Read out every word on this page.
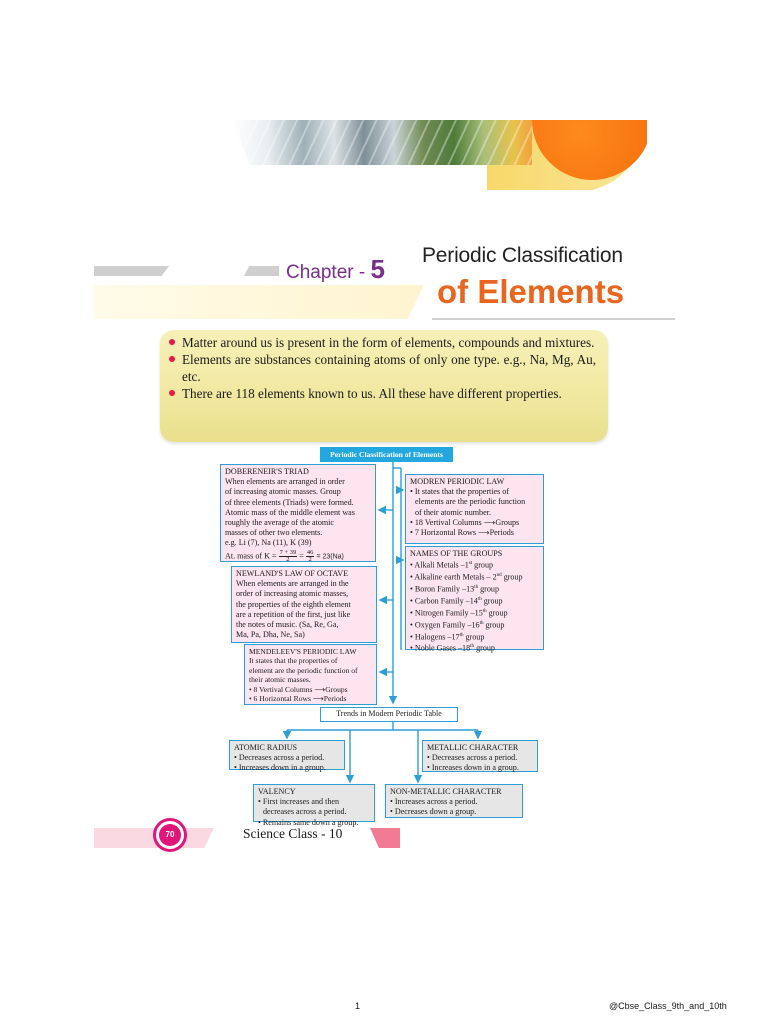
Chapter - 5 Periodic Classification
of Elements
Matter around us is present in the form of elements, compounds and mixtures.
Elements are substances containing atoms of only one type. e.g., Na, Mg, Au, etc.
There are 118 elements known to us. All these have different properties.
Periodic Classification of Elements
DOBERENEIR'S TRIAD
When elements are arranged in order
of increasing atomic masses. Group
of three elements (Triads) were formed.
Atomic mass of the middle element was
roughly the average of the atomic
masses of other two elements.
e.g. Li (7), Na (11), K (39)
At. mass of $K = \frac{7 + 39}{2} = \frac{46}{2} = 23(Na)$
NEWLAND'S LAW OF OCTAVE
When elements are arranged in the
order of increasing atomic masses,
the properties of the eighth element
are a repetition of the first, just like
the notes of music. (Sa, Re, Ga,
Ma, Pa, Dha, Ne, Sa)
MENDELEEV'S PERIODIC LAW
It states that the properties of
element are the periodic function of
their atomic masses.
• 8 Vertival Columns ⟶Groups
• 6 Horizontal Rows ⟶Periods
MODREN PERIODIC LAW
• It states that the properties of
elements are the periodic function
of their atomic number.
• 18 Vertival Columns ⟶Groups
• 7 Horizontal Rows ⟶Periods
NAMES OF THE GROUPS
• Alkali Metals –1st group
• Alkaline earth Metals – 2nd group
• Boron Family –13th group
• Carbon Family –14th group
• Nitrogen Family –15th group
• Oxygen Family –16th group
• Halogens –17th group
• Noble Gases –18th group
Trends in Modern Periodic Table
ATOMIC RADIUS
• Decreases across a period.
• Increases down in a group.
METALLIC CHARACTER
• Decreases across a period.
• Increases down in a group.
VALENCY
• First increases and then
decreases across a period.
• Remains same down a group.
NON-METALLIC CHARACTER
• Increases across a period.
• Decreases down a group.
70	Science Class - 10
1	@Cbse_Class_9th_and_10th
